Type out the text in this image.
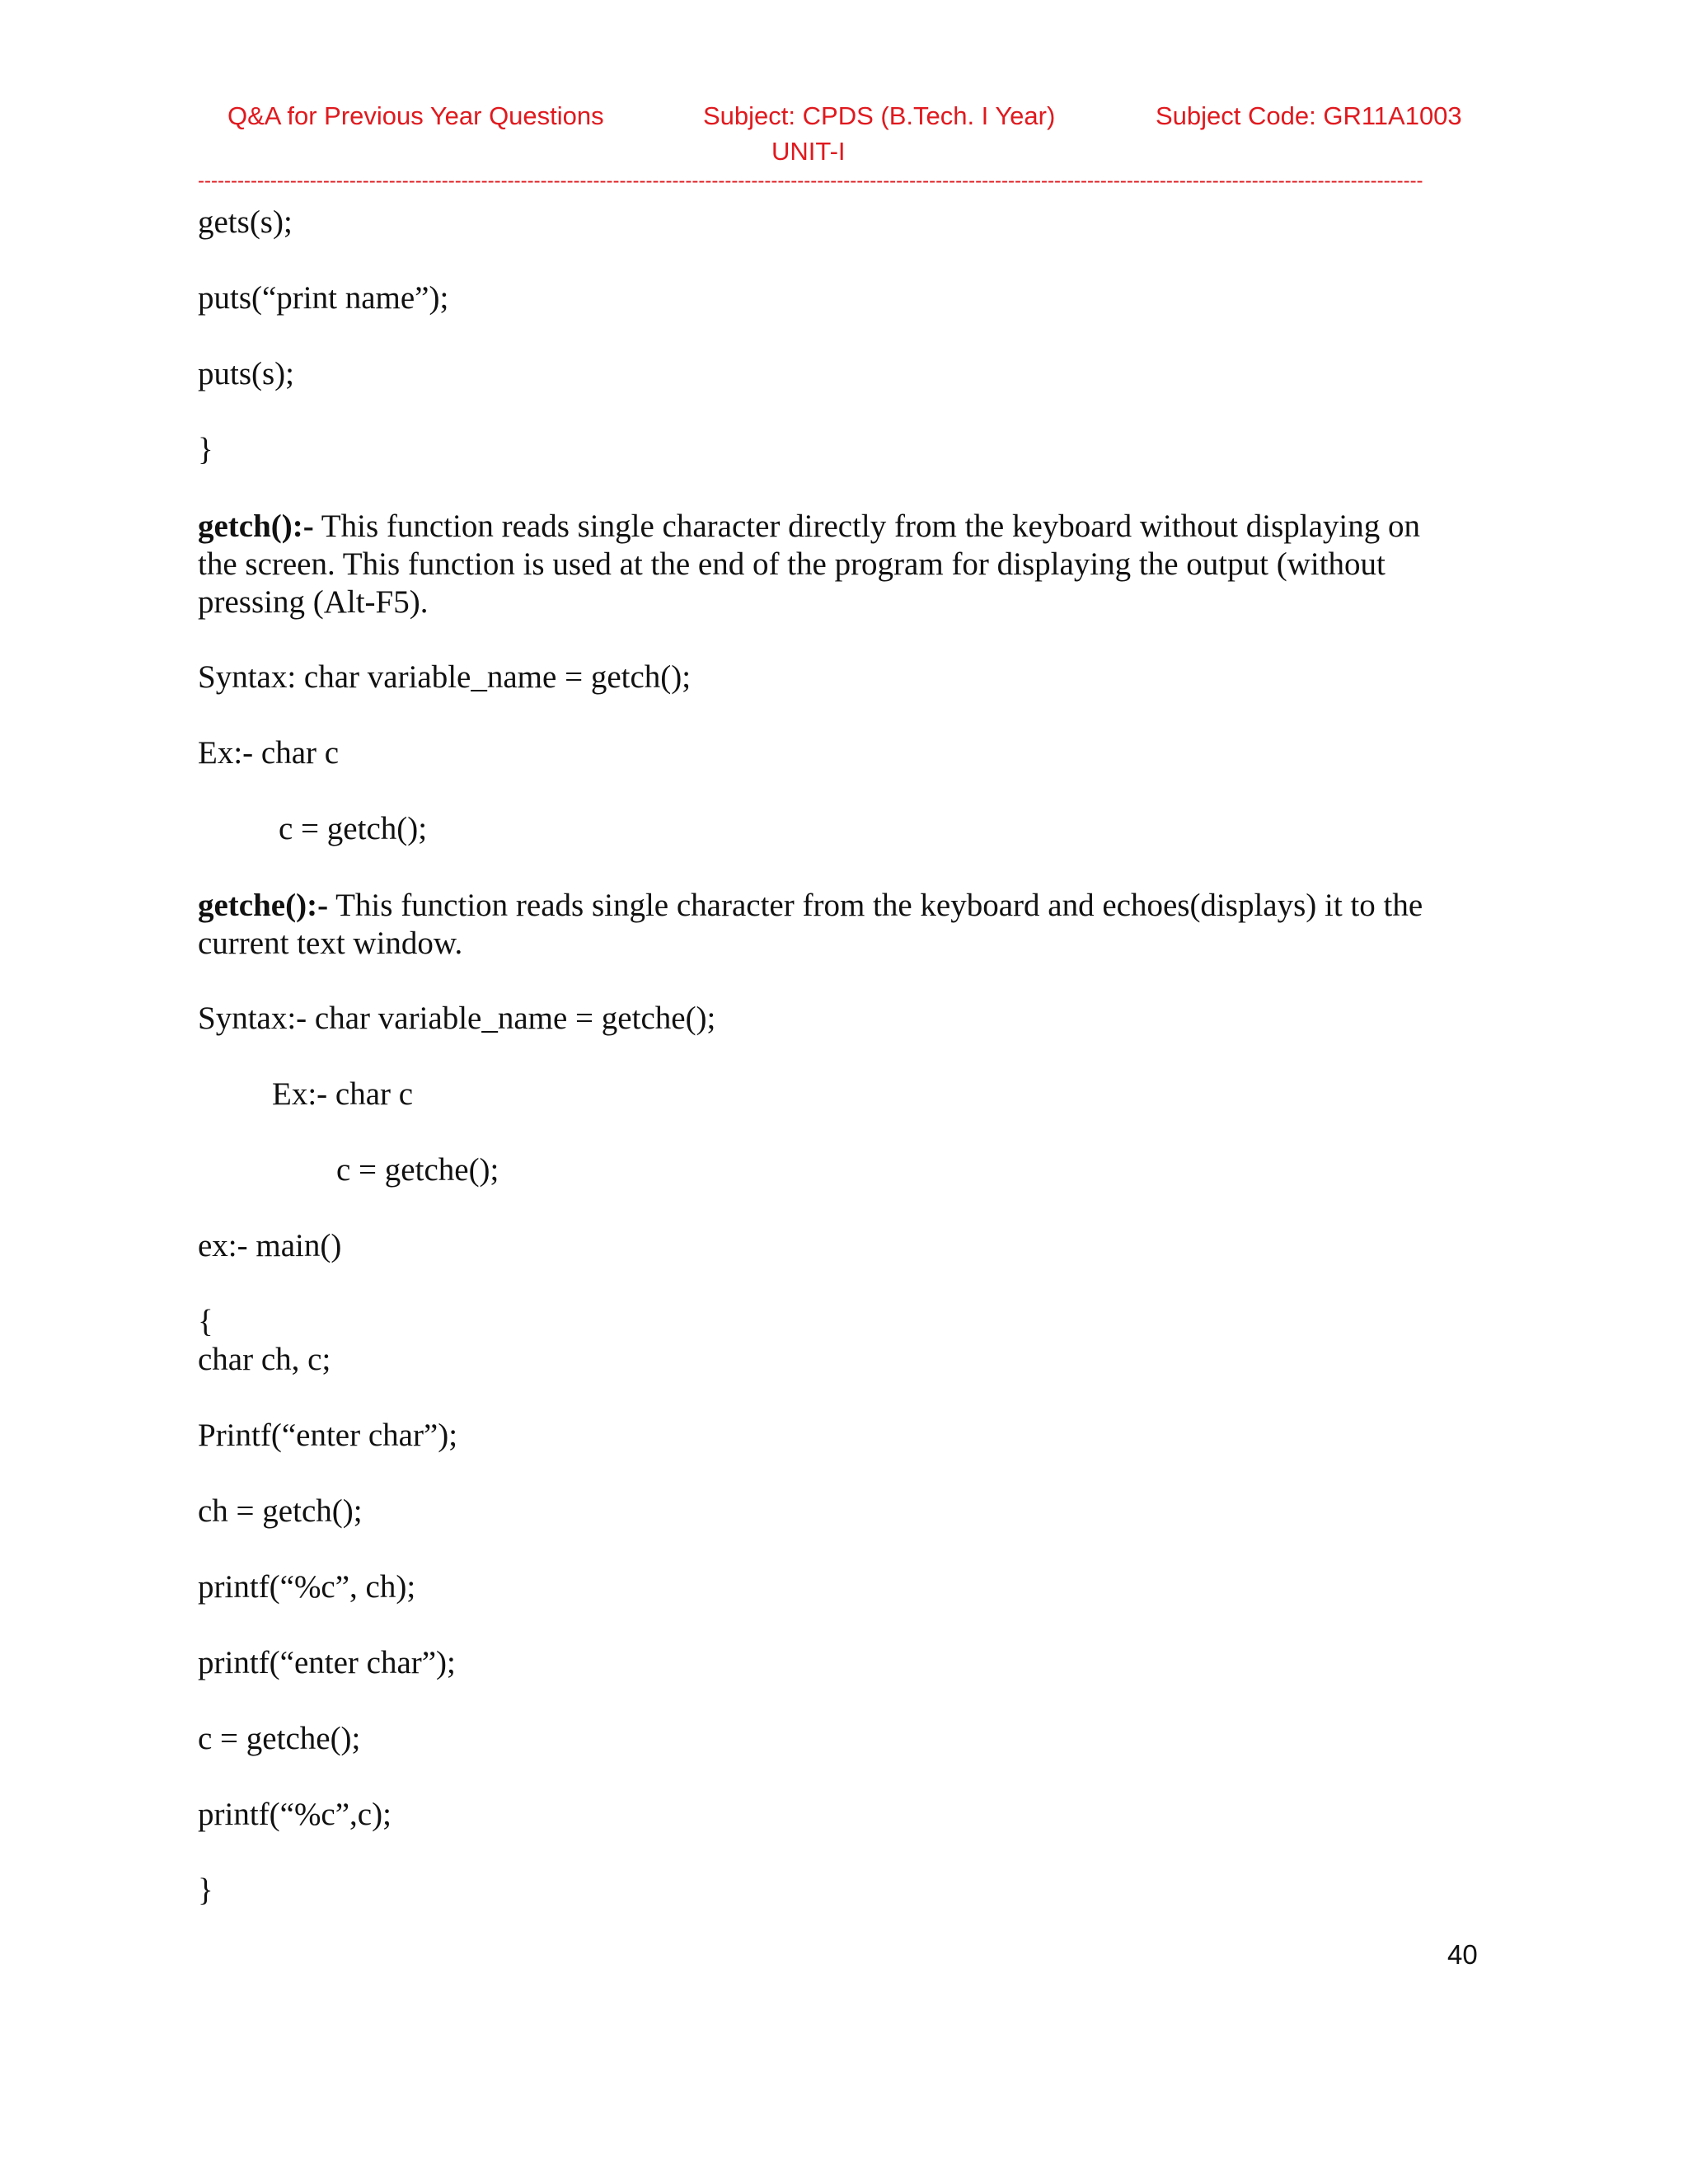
Q&A for Previous Year Questions	Subject: CPDS (B.Tech. I Year)	Subject Code: GR11A1003
UNIT-I
------------------------------------------------------------------------------------------------------------------------------------------------------------------------------------------
gets(s);
puts(“print name”);
puts(s);
}
getch():- This function reads single character directly from the keyboard without displaying on the screen. This function is used at the end of the program for displaying the output (without pressing (Alt-F5).
Syntax: char variable_name = getch();
Ex:- char c
c = getch();
getche():- This function reads single character from the keyboard and echoes(displays) it to the current text window.
Syntax:- char variable_name = getche();
Ex:- char c
c = getche();
ex:- main()
{
char ch, c;
Printf(“enter char”);
ch = getch();
printf(“%c”, ch);
printf(“enter char”);
c = getche();
printf(“%c”,c);
}
40
